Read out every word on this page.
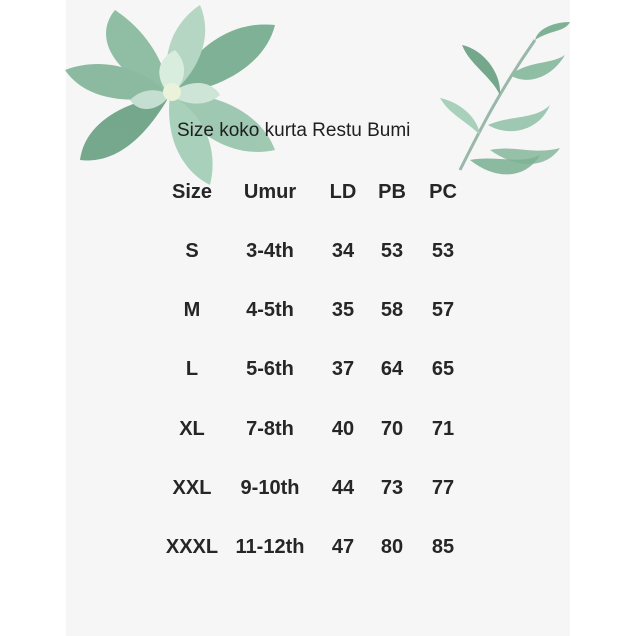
Size koko kurta Restu Bumi
Size Umur LD PB PC
S 3-4th 34 53 53
M 4-5th 35 58 57
L 5-6th 37 64 65
XL 7-8th 40 70 71
XXL 9-10th 44 73 77
XXXL 11-12th 47 80 85
